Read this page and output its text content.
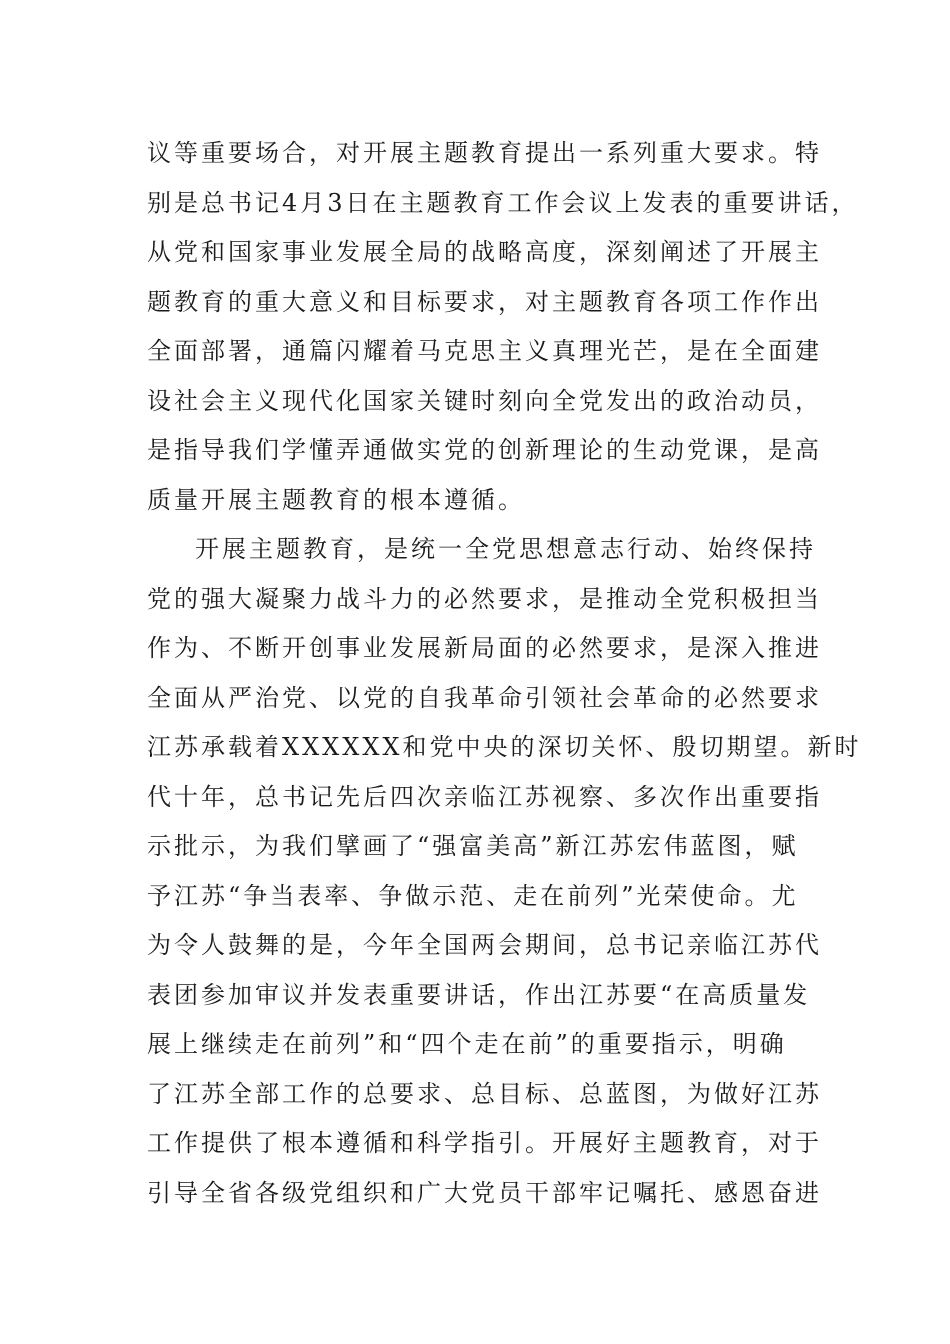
议等重要场合，对开展主题教育提出一系列重大要求。特
别是总书记4月3日在主题教育工作会议上发表的重要讲话，
从党和国家事业发展全局的战略高度，深刻阐述了开展主
题教育的重大意义和目标要求，对主题教育各项工作作出
全面部署，通篇闪耀着马克思主义真理光芒，是在全面建
设社会主义现代化国家关键时刻向全党发出的政治动员，
是指导我们学懂弄通做实党的创新理论的生动党课，是高
质量开展主题教育的根本遵循。
开展主题教育，是统一全党思想意志行动、始终保持
党的强大凝聚力战斗力的必然要求，是推动全党积极担当
作为、不断开创事业发展新局面的必然要求，是深入推进
全面从严治党、以党的自我革命引领社会革命的必然要求
江苏承载着XXXXXX和党中央的深切关怀、殷切期望。新时
代十年，总书记先后四次亲临江苏视察、多次作出重要指
示批示，为我们擘画了“强富美高”新江苏宏伟蓝图，赋
予江苏“争当表率、争做示范、走在前列”光荣使命。尤
为令人鼓舞的是，今年全国两会期间，总书记亲临江苏代
表团参加审议并发表重要讲话，作出江苏要“在高质量发
展上继续走在前列”和“四个走在前”的重要指示，明确
了江苏全部工作的总要求、总目标、总蓝图，为做好江苏
工作提供了根本遵循和科学指引。开展好主题教育，对于
引导全省各级党组织和广大党员干部牢记嘱托、感恩奋进
